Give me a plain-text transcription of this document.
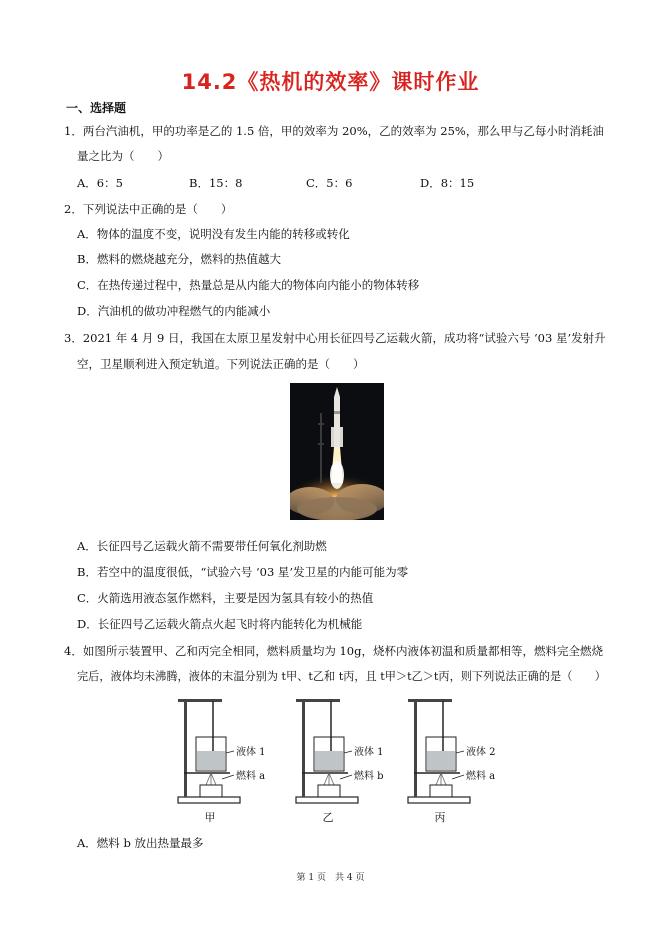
14.2《热机的效率》课时作业
一、选择题
1．两台汽油机，甲的功率是乙的 1.5 倍，甲的效率为 20%，乙的效率为 25%，那么甲与乙每小时消耗油
量之比为（　　）
A．6：5	B．15：8	C．5：6	D．8：15
2．下列说法中正确的是（　　）
A．物体的温度不变，说明没有发生内能的转移或转化
B．燃料的燃烧越充分，燃料的热值越大
C．在热传递过程中，热量总是从内能大的物体向内能小的物体转移
D．汽油机的做功冲程燃气的内能减小
3．2021 年 4 月 9 日，我国在太原卫星发射中心用长征四号乙运载火箭，成功将“试验六号 ‘03 星’发射升
空，卫星顺利进入预定轨道。下列说法正确的是（　　）
A．长征四号乙运载火箭不需要带任何氧化剂助燃
B．若空中的温度很低，“试验六号 ‘03 星’发卫星的内能可能为零
C．火箭选用液态氢作燃料，主要是因为氢具有较小的热值
D．长征四号乙运载火箭点火起飞时将内能转化为机械能
4．如图所示装置甲、乙和丙完全相同，燃料质量均为 10g，烧杯内液体初温和质量都相等，燃料完全燃烧
完后，液体均未沸腾，液体的末温分别为 t甲、t乙和 t丙，且 t甲＞t乙＞t丙，则下列说法正确的是（　　）
液体 1
燃料 a
甲
液体 1
燃料 b
乙
液体 2
燃料 a
丙
A．燃料 b 放出热量最多
第 1 页　共 4 页
